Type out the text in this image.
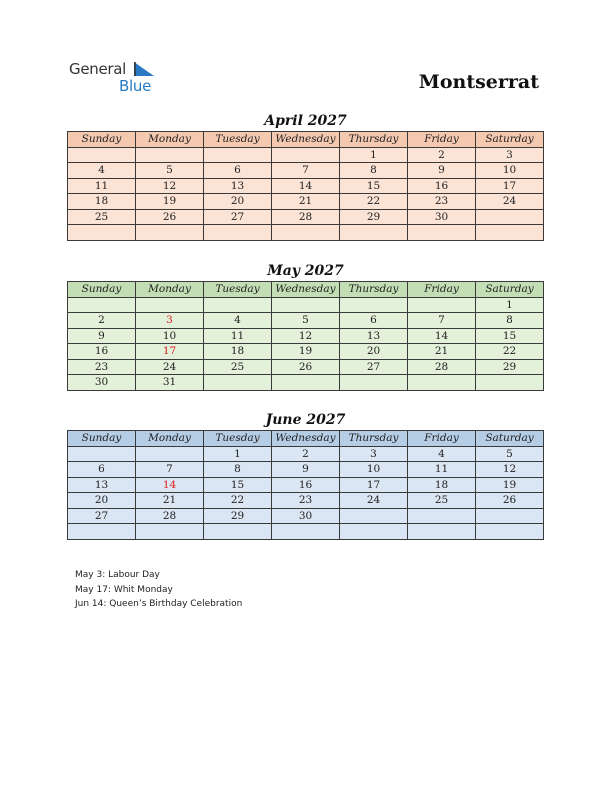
General
Blue	Montserrat
April 2027
Sunday	Monday	Tuesday	Wednesday	Thursday	Friday	Saturday
				1	2	3
4	5	6	7	8	9	10
11	12	13	14	15	16	17
18	19	20	21	22	23	24
25	26	27	28	29	30	

May 2027
Sunday	Monday	Tuesday	Wednesday	Thursday	Friday	Saturday
						1
2	3	4	5	6	7	8
9	10	11	12	13	14	15
16	17	18	19	20	21	22
23	24	25	26	27	28	29
30	31					
June 2027
Sunday	Monday	Tuesday	Wednesday	Thursday	Friday	Saturday
		1	2	3	4	5
6	7	8	9	10	11	12
13	14	15	16	17	18	19
20	21	22	23	24	25	26
27	28	29	30			

May 3: Labour Day
May 17: Whit Monday
Jun 14: Queen’s Birthday Celebration
